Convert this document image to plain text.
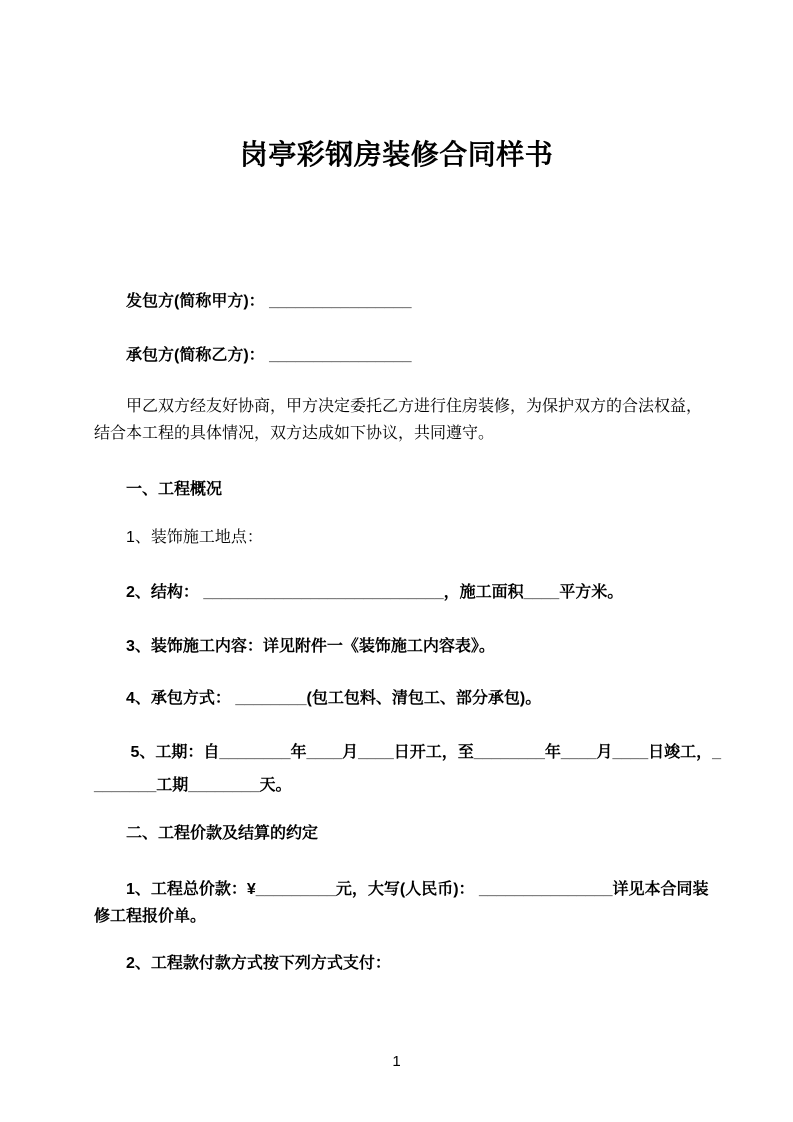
岗亭彩钢房装修合同样书
发包方(简称甲方)： ________________
承包方(简称乙方)： ________________
甲乙双方经友好协商，甲方决定委托乙方进行住房装修，为保护双方的合法权益，
结合本工程的具体情况，双方达成如下协议，共同遵守。
一、工程概况
1、装饰施工地点：
2、结构： ___________________________，施工面积____平方米。
3、装饰施工内容：详见附件一《装饰施工内容表》。
4、承包方式： ________(包工包料、清包工、部分承包)。
5、工期：自________年____月____日开工，至________年____月____日竣工，_
_______工期________天。
二、工程价款及结算的约定
1、工程总价款：¥_________元，大写(人民币)： _______________详见本合同装
修工程报价单。
2、工程款付款方式按下列方式支付：
1
